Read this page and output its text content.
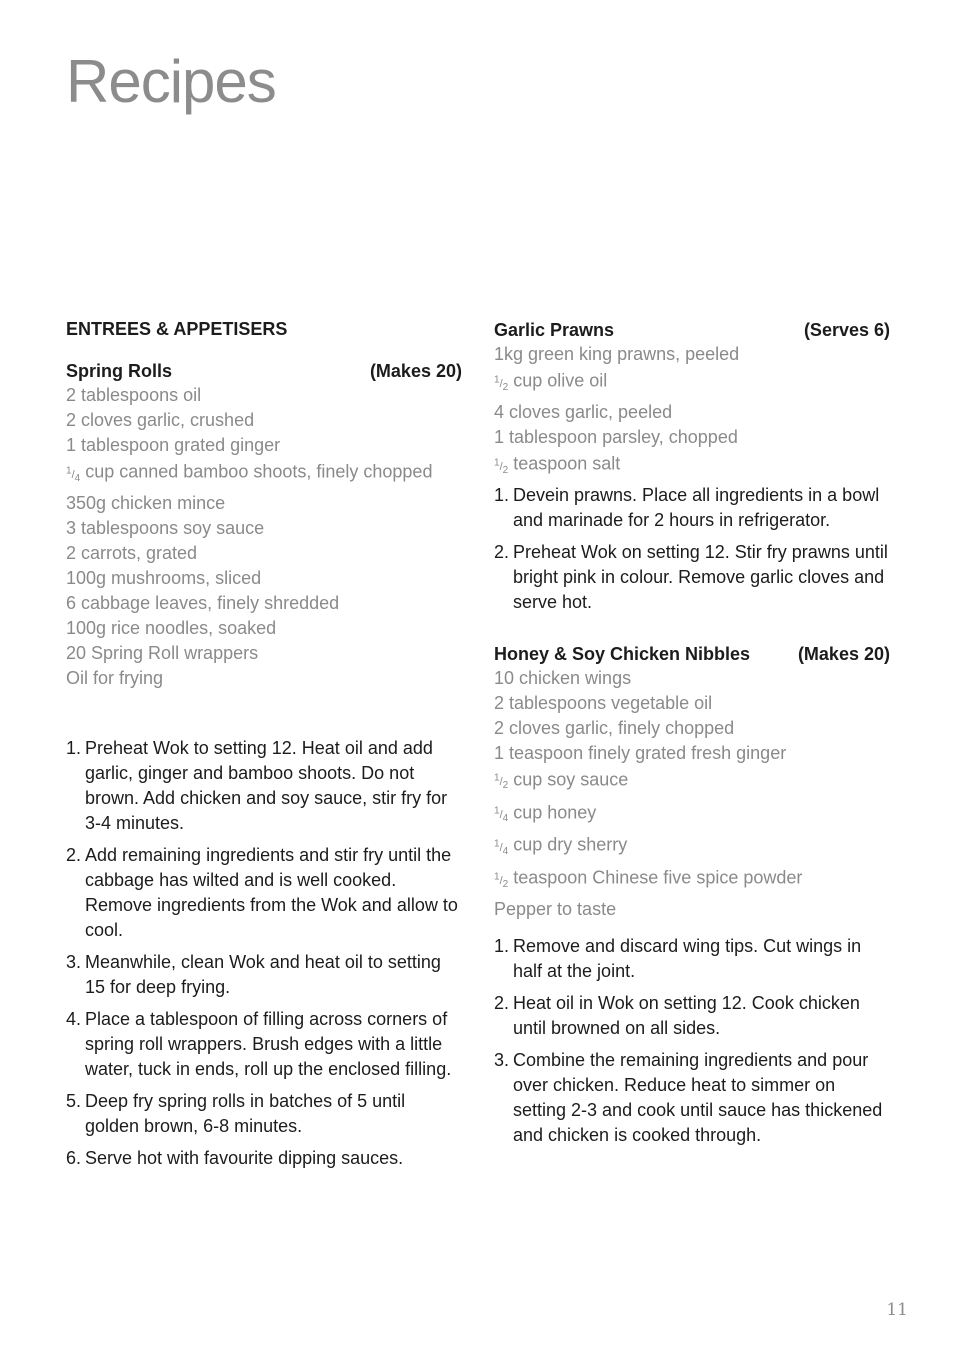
Recipes
ENTREES & APPETISERS
Spring Rolls	(Makes 20)
2 tablespoons oil
2 cloves garlic, crushed
1 tablespoon grated ginger
$^1/_4$ cup canned bamboo shoots, finely chopped
350g chicken mince
3 tablespoons soy sauce
2 carrots, grated
100g mushrooms, sliced
6 cabbage leaves, finely shredded
100g rice noodles, soaked
20 Spring Roll wrappers
Oil for frying
1. Preheat Wok to setting 12. Heat oil and add garlic, ginger and bamboo shoots. Do not brown. Add chicken and soy sauce, stir fry for 3-4 minutes.
2. Add remaining ingredients and stir fry until the cabbage has wilted and is well cooked. Remove ingredients from the Wok and allow to cool.
3. Meanwhile, clean Wok and heat oil to setting 15 for deep frying.
4. Place a tablespoon of filling across corners of spring roll wrappers. Brush edges with a little water, tuck in ends, roll up the enclosed filling.
5. Deep fry spring rolls in batches of 5 until golden brown, 6-8 minutes.
6. Serve hot with favourite dipping sauces.
Garlic Prawns	(Serves 6)
1kg green king prawns, peeled
$^1/_2$ cup olive oil
4 cloves garlic, peeled
1 tablespoon parsley, chopped
$^1/_2$ teaspoon salt
1. Devein prawns. Place all ingredients in a bowl and marinade for 2 hours in refrigerator.
2. Preheat Wok on setting 12. Stir fry prawns until bright pink in colour. Remove garlic cloves and serve hot.
Honey & Soy Chicken Nibbles	(Makes 20)
10 chicken wings
2 tablespoons vegetable oil
2 cloves garlic, finely chopped
1 teaspoon finely grated fresh ginger
$^1/_2$ cup soy sauce
$^1/_4$ cup honey
$^1/_4$ cup dry sherry
$^1/_2$ teaspoon Chinese five spice powder
Pepper to taste
1. Remove and discard wing tips. Cut wings in half at the joint.
2. Heat oil in Wok on setting 12. Cook chicken until browned on all sides.
3. Combine the remaining ingredients and pour over chicken. Reduce heat to simmer on setting 2-3 and cook until sauce has thickened and chicken is cooked through.
11
